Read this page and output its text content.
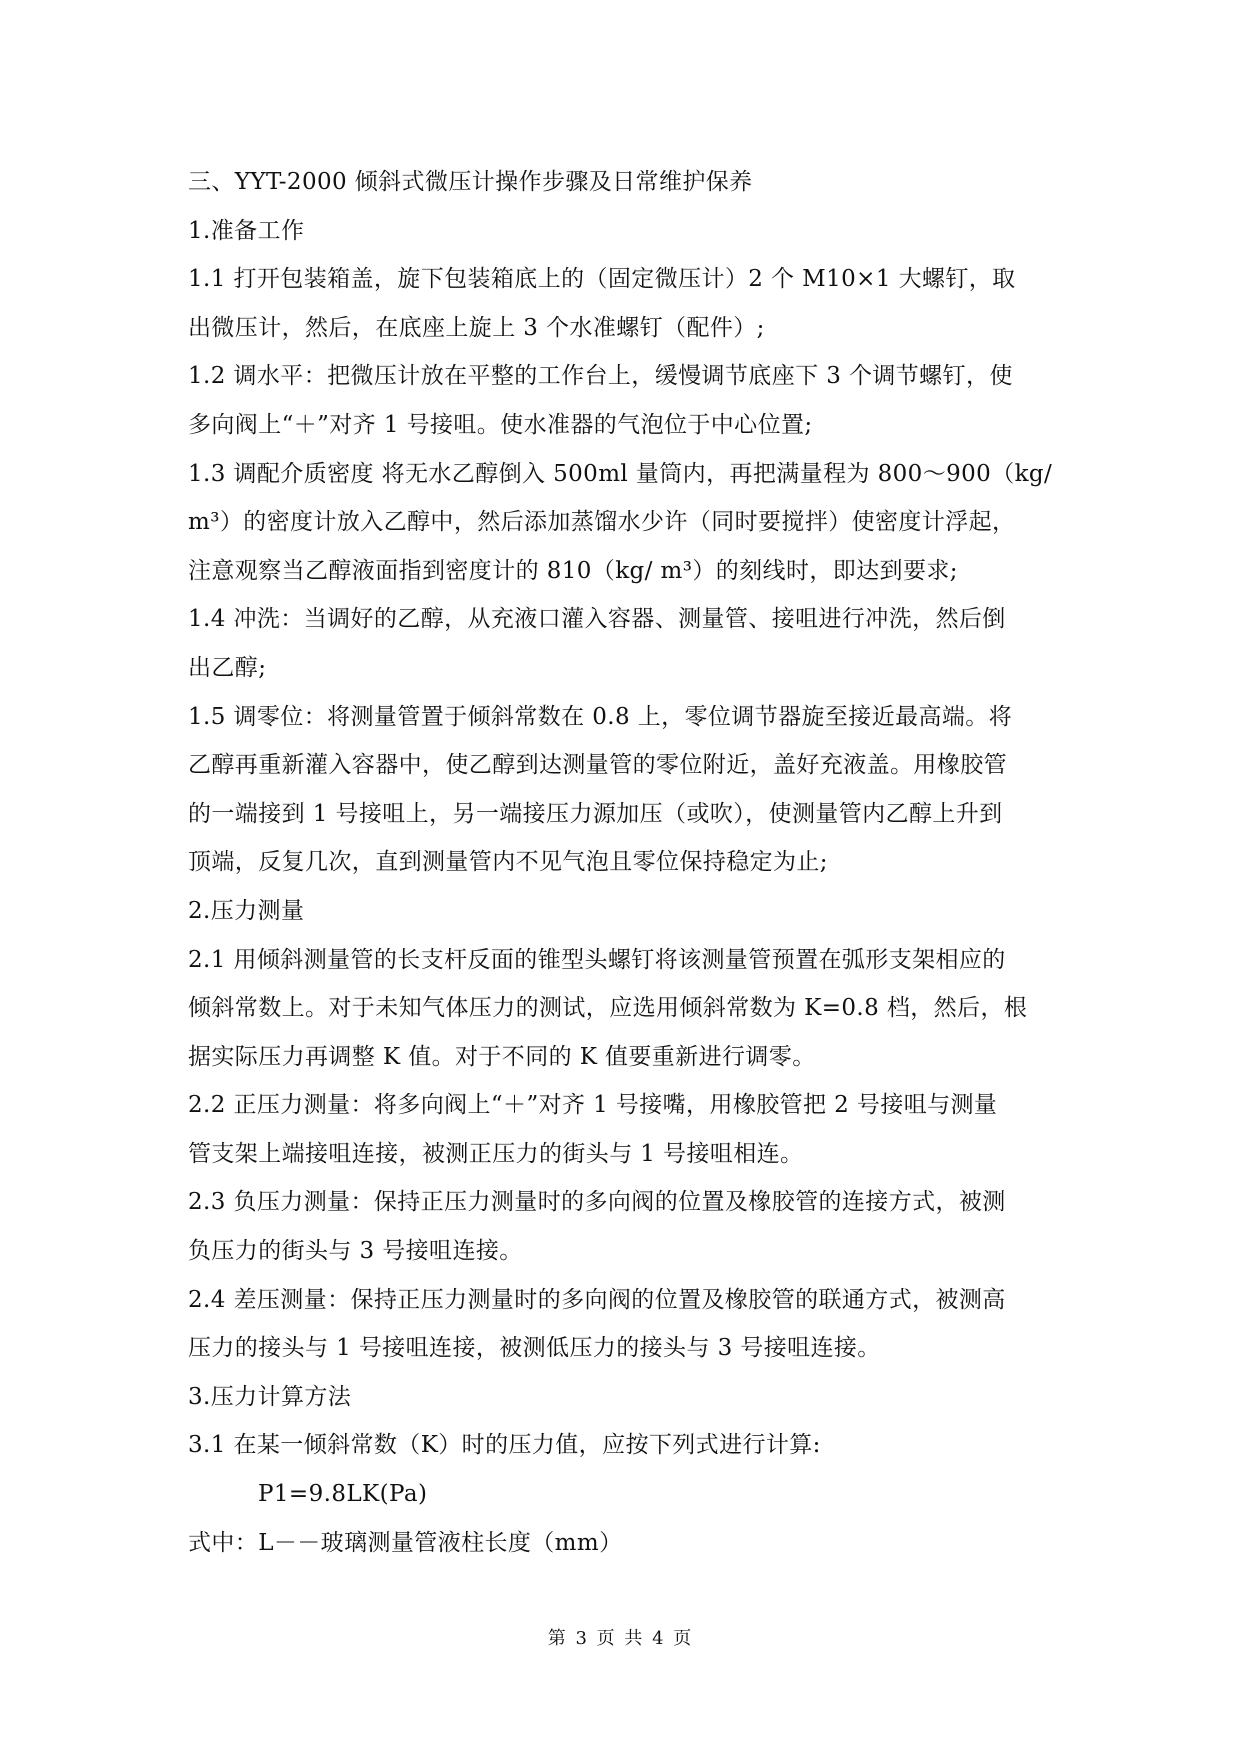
三、YYT-2000 倾斜式微压计操作步骤及日常维护保养
1.准备工作
1.1 打开包装箱盖，旋下包装箱底上的（固定微压计）2 个 M10×1 大螺钉，取
出微压计，然后，在底座上旋上 3 个水准螺钉（配件）;
1.2 调水平：把微压计放在平整的工作台上，缓慢调节底座下 3 个调节螺钉，使
多向阀上“＋”对齐 1 号接咀。使水准器的气泡位于中心位置;
1.3 调配介质密度 将无水乙醇倒入 500ml 量筒内，再把满量程为 800～900（kg/
m³）的密度计放入乙醇中，然后添加蒸馏水少许（同时要搅拌）使密度计浮起，
注意观察当乙醇液面指到密度计的 810（kg/ m³）的刻线时，即达到要求;
1.4 冲洗：当调好的乙醇，从充液口灌入容器、测量管、接咀进行冲洗，然后倒
出乙醇;
1.5 调零位：将测量管置于倾斜常数在 0.8 上，零位调节器旋至接近最高端。将
乙醇再重新灌入容器中，使乙醇到达测量管的零位附近，盖好充液盖。用橡胶管
的一端接到 1 号接咀上，另一端接压力源加压（或吹），使测量管内乙醇上升到
顶端，反复几次，直到测量管内不见气泡且零位保持稳定为止;
2.压力测量
2.1 用倾斜测量管的长支杆反面的锥型头螺钉将该测量管预置在弧形支架相应的
倾斜常数上。对于未知气体压力的测试，应选用倾斜常数为 K=0.8 档，然后，根
据实际压力再调整 K 值。对于不同的 K 值要重新进行调零。
2.2 正压力测量：将多向阀上“＋”对齐 1 号接嘴，用橡胶管把 2 号接咀与测量
管支架上端接咀连接，被测正压力的街头与 1 号接咀相连。
2.3 负压力测量：保持正压力测量时的多向阀的位置及橡胶管的连接方式，被测
负压力的街头与 3 号接咀连接。
2.4 差压测量：保持正压力测量时的多向阀的位置及橡胶管的联通方式，被测高
压力的接头与 1 号接咀连接，被测低压力的接头与 3 号接咀连接。
3.压力计算方法
3.1 在某一倾斜常数（K）时的压力值，应按下列式进行计算:
P1=9.8LK(Pa)
式中：L－－玻璃测量管液柱长度（mm）
第 3 页 共 4 页
